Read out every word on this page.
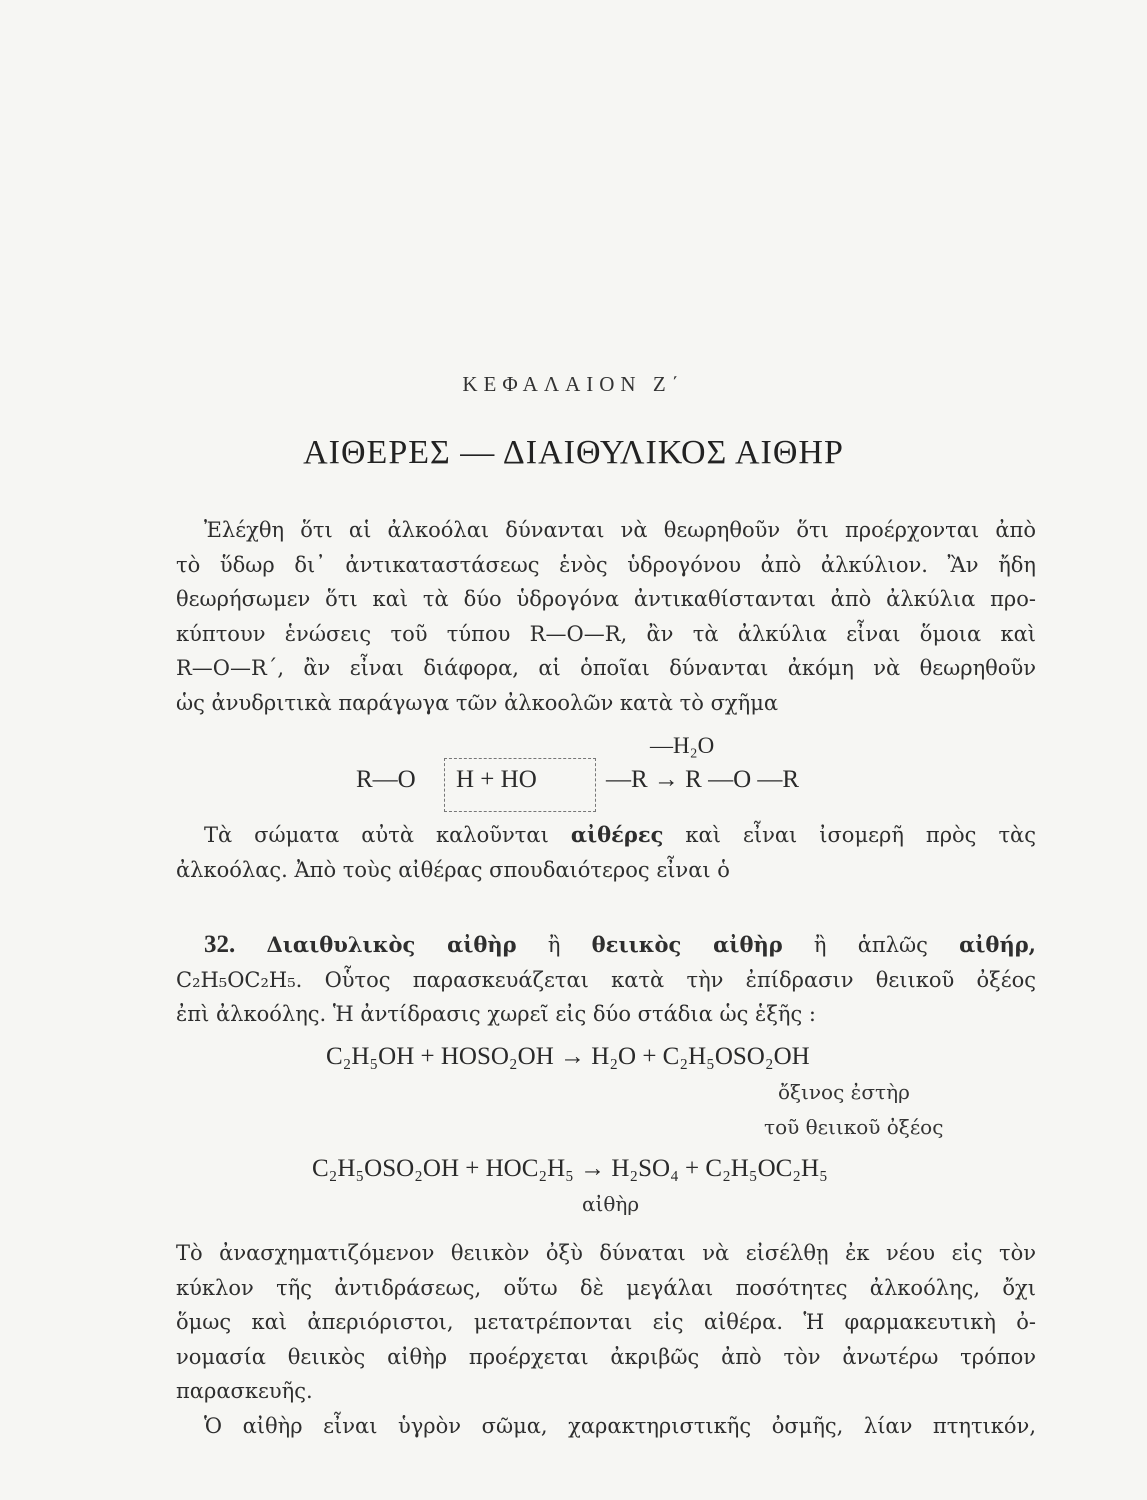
ΚΕΦΑΛΑΙΟΝ Ζ΄
ΑΙΘΕΡΕΣ — ΔΙΑΙΘΥΛΙΚΟΣ ΑΙΘΗΡ
Ἐλέχθη ὅτι αἱ ἀλκοόλαι δύνανται νὰ θεωρηθοῦν ὅτι προέρχονται ἀπὸ
τὸ ὕδωρ δι᾽ ἀντικαταστάσεως ἑνὸς ὑδρογόνου ἀπὸ ἀλκύλιον. Ἂν ἤδη
θεωρήσωμεν ὅτι καὶ τὰ δύο ὑδρογόνα ἀντικαθίστανται ἀπὸ ἀλκύλια προ-
κύπτουν ἑνώσεις τοῦ τύπου R—O—R, ἂν τὰ ἀλκύλια εἶναι ὅμοια καὶ
R—O—R΄, ἂν εἶναι διάφορα, αἱ ὁποῖαι δύνανται ἀκόμη νὰ θεωρηθοῦν
ὡς ἀνυδριτικὰ παράγωγα τῶν ἀλκοολῶν κατὰ τὸ σχῆμα
—H₂O
R—O H + HO	—R → R —O —R
Τὰ σώματα αὐτὰ καλοῦνται αἰθέρες καὶ εἶναι ἰσομερῆ πρὸς τὰς
ἀλκοόλας. Ἀπὸ τοὺς αἰθέρας σπουδαιότερος εἶναι ὁ
32. Διαιθυλικὸς αἰθὴρ ἢ θειικὸς αἰθὴρ ἢ ἁπλῶς αἰθήρ,
C₂H₅OC₂H₅. Οὗτος παρασκευάζεται κατὰ τὴν ἐπίδρασιν θειικοῦ ὀξέος
ἐπὶ ἀλκοόλης. Ἡ ἀντίδρασις χωρεῖ εἰς δύο στάδια ὡς ἑξῆς :
C₂H₅OH + HOSO₂OH → H₂O + C₂H₅OSO₂OH
ὄξινος ἐστὴρ
τοῦ θειικοῦ ὀξέος
C₂H₅OSO₂OH + HOC₂H₅ → H₂SO₄ + C₂H₅OC₂H₅
αἰθὴρ
Τὸ ἀνασχηματιζόμενον θειικὸν ὀξὺ δύναται νὰ εἰσέλθῃ ἐκ νέου εἰς τὸν
κύκλον τῆς ἀντιδράσεως, οὕτω δὲ μεγάλαι ποσότητες ἀλκοόλης, ὄχι
ὅμως καὶ ἀπεριόριστοι, μετατρέπονται εἰς αἰθέρα. Ἡ φαρμακευτικὴ ὀ-
νομασία θειικὸς αἰθὴρ προέρχεται ἀκριβῶς ἀπὸ τὸν ἀνωτέρω τρόπον
παρασκευῆς.
Ὁ αἰθὴρ εἶναι ὑγρὸν σῶμα, χαρακτηριστικῆς ὀσμῆς, λίαν πτητικόν,
